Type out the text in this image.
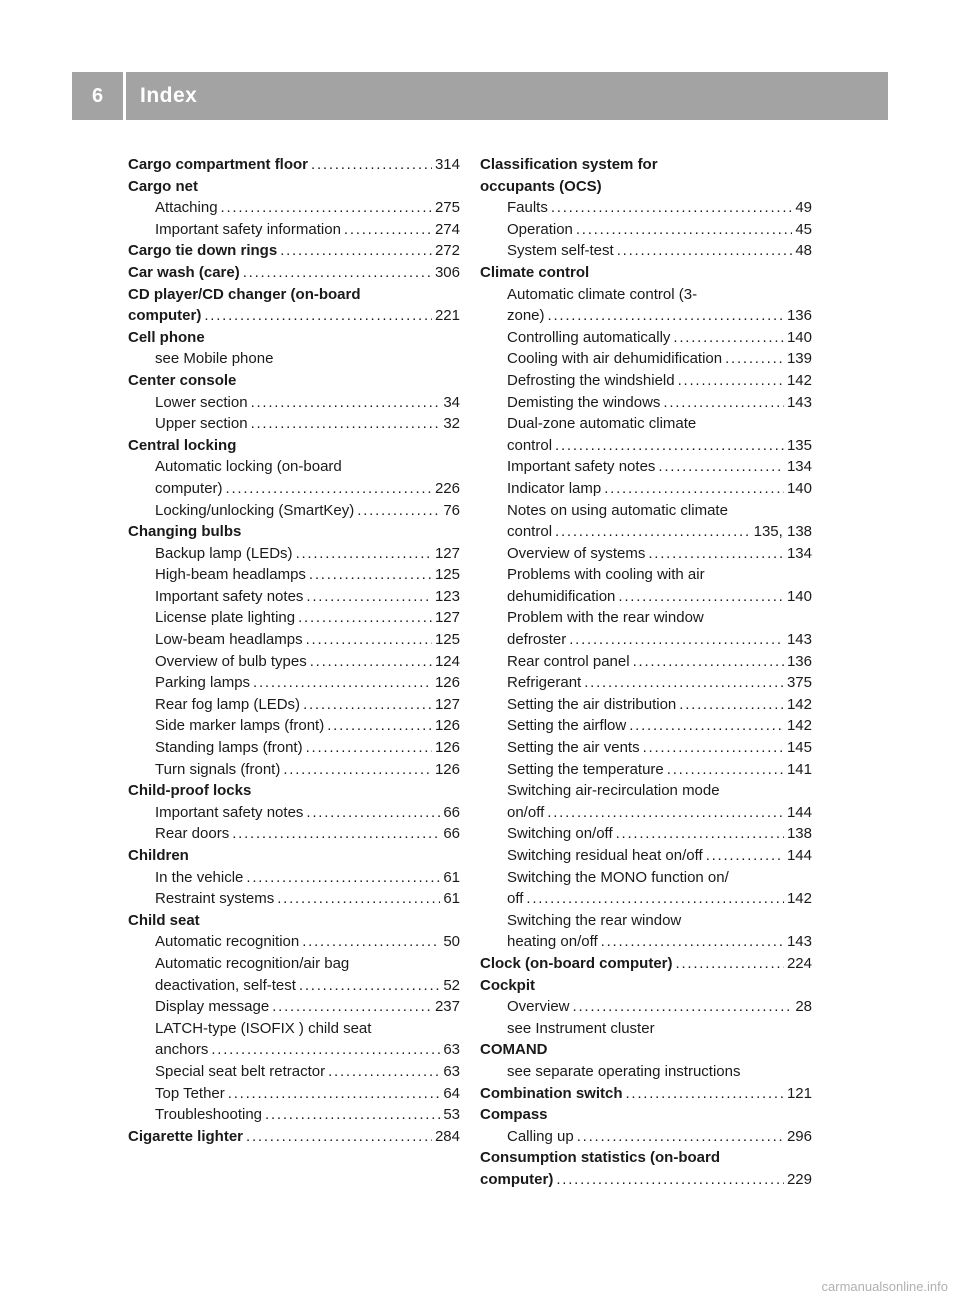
6	Index
Cargo compartment floor . . .	314
Cargo net
Attaching . . .	275
Important safety information . . .	274
Cargo tie down rings . . .	272
Car wash (care) . . .	306
CD player/CD changer (on-board
computer) . . .	221
Cell phone
see Mobile phone
Center console
Lower section . . .	34
Upper section . . .	32
Central locking
Automatic locking (on-board
computer) . . .	226
Locking/unlocking (SmartKey) . . .	76
Changing bulbs
Backup lamp (LEDs) . . .	127
High-beam headlamps . . .	125
Important safety notes . . .	123
License plate lighting . . .	127
Low-beam headlamps . . .	125
Overview of bulb types . . .	124
Parking lamps . . .	126
Rear fog lamp (LEDs) . . .	127
Side marker lamps (front) . . .	126
Standing lamps (front) . . .	126
Turn signals (front) . . .	126
Child-proof locks
Important safety notes . . .	66
Rear doors . . .	66
Children
In the vehicle . . .	61
Restraint systems . . .	61
Child seat
Automatic recognition . . .	50
Automatic recognition/air bag
deactivation, self-test . . .	52
Display message . . .	237
LATCH-type (ISOFIX ) child seat
anchors . . .	63
Special seat belt retractor . . .	63
Top Tether . . .	64
Troubleshooting . . .	53
Cigarette lighter . . .	284
Classification system for
occupants (OCS)
Faults . . .	49
Operation . . .	45
System self-test . . .	48
Climate control
Automatic climate control (3-
zone) . . .	136
Controlling automatically . . .	140
Cooling with air dehumidification . . .	139
Defrosting the windshield . . .	142
Demisting the windows . . .	143
Dual-zone automatic climate
control . . .	135
Important safety notes . . .	134
Indicator lamp . . .	140
Notes on using automatic climate
control . . .	135, 138
Overview of systems . . .	134
Problems with cooling with air
dehumidification . . .	140
Problem with the rear window
defroster . . .	143
Rear control panel . . .	136
Refrigerant . . .	375
Setting the air distribution . . .	142
Setting the airflow . . .	142
Setting the air vents . . .	145
Setting the temperature . . .	141
Switching air-recirculation mode
on/off . . .	144
Switching on/off . . .	138
Switching residual heat on/off . . .	144
Switching the MONO function on/
off . . .	142
Switching the rear window
heating on/off . . .	143
Clock (on-board computer) . . .	224
Cockpit
Overview . . .	28
see Instrument cluster
COMAND
see separate operating instructions
Combination switch . . .	121
Compass
Calling up . . .	296
Consumption statistics (on-board
computer) . . .	229
carmanualsonline.info
